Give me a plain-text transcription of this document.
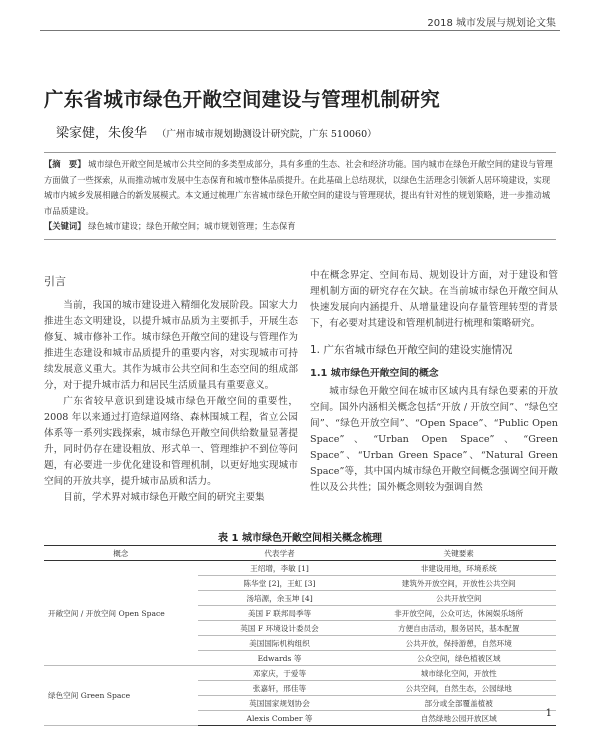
2018 城市发展与规划论文集
广东省城市绿色开敞空间建设与管理机制研究
梁家健，朱俊华 （广州市城市规划勘测设计研究院，广东 510060）
【摘　要】 城市绿色开敞空间是城市公共空间的多类型成部分，具有多重的生态、社会和经济功能。国内城市在绿色开敞空间的建设与管理方面做了一些探索，从而推动城市发展中生态保育和城市整体品质提升。在此基础上总结现状，以绿色生活理念引领新人居环境建设，实现城市内城乡发展相融合的新发展模式。本文通过梳理广东省城市绿色开敞空间的建设与管理现状，提出有针对性的规划策略，进一步推动城市品质建设。
【关键词】 绿色城市建设；绿色开敞空间；城市规划管理；生态保育
引言

当前，我国的城市建设进入精细化发展阶段。国家大力推进生态文明建设，以提升城市品质为主要抓手，开展生态修复、城市修补工作。城市绿色开敞空间的建设与管理作为推进生态建设和城市品质提升的重要内容，对实现城市可持续发展意义重大。其作为城市公共空间和生态空间的组成部分，对于提升城市活力和居民生活质量具有重要意义。

广东省较早意识到建设城市绿色开敞空间的重要性，2008 年以来通过打造绿道网络、森林围城工程，省立公园体系等一系列实践探索，城市绿色开敞空间供给数量显著提升，同时仍存在建设粗放、形式单一、管理维护不到位等问题，有必要进一步优化建设和管理机制，以更好地实现城市空间的开放共享，提升城市品质和活力。

目前，学术界对城市绿色开敞空间的研究主要集

中在概念界定、空间布局、规划设计方面，对于建设和管理机制方面的研究存在欠缺。在当前城市绿色开敞空间从快速发展向内涵提升、从增量建设向存量管理转型的背景下，有必要对其建设和管理机制进行梳理和策略研究。

1. 广东省城市绿色开敞空间的建设实施情况
1.1 城市绿色开敞空间的概念

城市绿色开敞空间在城市区域内具有绿色要素的开放空间。国外内涵相关概念包括“开放 / 开放空间”、“绿色空间”、“绿色开放空间”、“Open Space”、“Public Open Space”、“Urban Open Space”、“Green Space”、“Urban Green Space”、“Natural Green Space”等，其中国内城市绿色开敞空间概念强调空间开敞性以及公共性；国外概念则较为强调自然

表 1 城市绿色开敞空间相关概念梳理
概念	代表学者	关键要素
开敞空间 / 开放空间 Open Space	王绍增，李敏 [1]	非建设用地，环境系统
	陈华堂 [2]，王虹 [3]	建筑外开放空间，开放性公共空间
	汤培源，余玉坤 [4]	公共开放空间
	美国 F 联邦局季等	非开放空间，公众可达，休闲娱乐场所
	英国 F 环境设计委员会	方便自由活动，服务居民，基本配置
	美国国际机构组织	公共开放，保持游憩，自然环境
	Edwards 等	公众空间，绿色植被区域
绿色空间 Green Space	邓家庆，于爱等	城市绿化空间，开放性
	张嘉轩，邢佳等	公共空间，自然生态，公园绿地
	英国国家规划协会	部分或全部覆盖植被
	Alexis Comber 等	自然绿地公园开放区域	1
